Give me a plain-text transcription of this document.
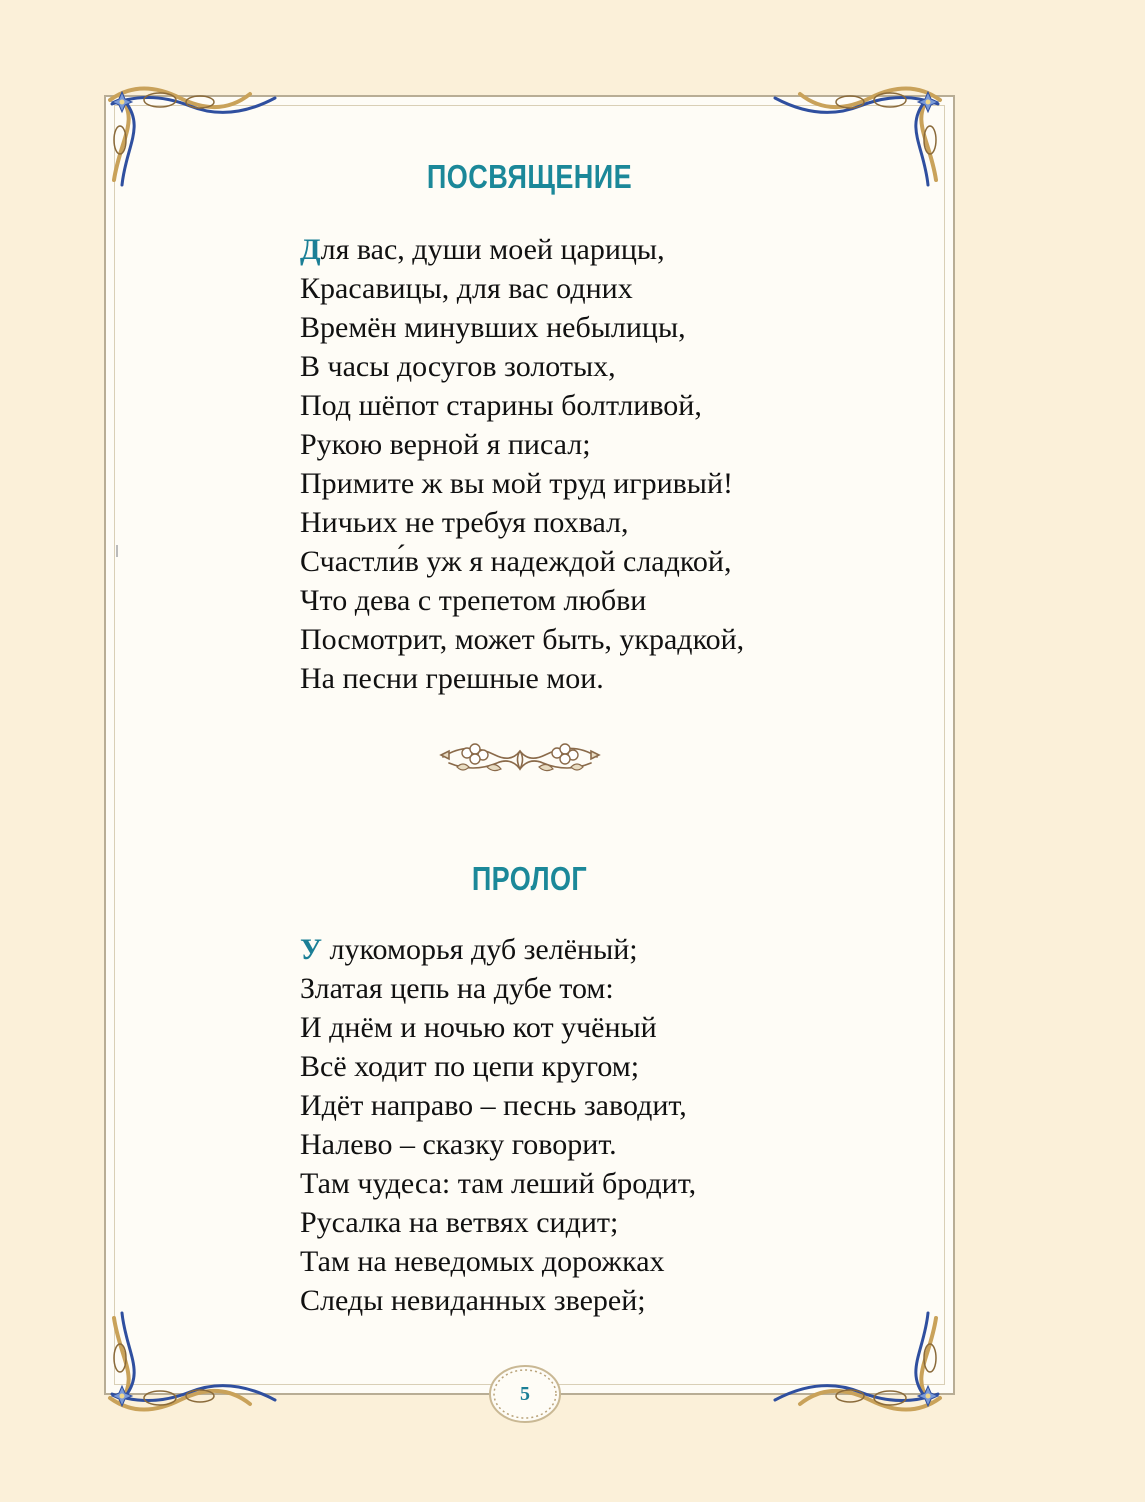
ПОСВЯЩЕНИЕ
Для вас, души моей царицы,
Красавицы, для вас одних
Времён минувших небылицы,
В часы досугов золотых,
Под шёпот старины болтливой,
Рукою верной я писал;
Примите ж вы мой труд игривый!
Ничьих не требуя похвал,
Счастли́в уж я надеждой сладкой,
Что дева с трепетом любви
Посмотрит, может быть, украдкой,
На песни грешные мои.
ПРОЛОГ
У лукоморья дуб зелёный;
Златая цепь на дубе том:
И днём и ночью кот учёный
Всё ходит по цепи кругом;
Идёт направо – песнь заводит,
Налево – сказку говорит.
Там чудеса: там леший бродит,
Русалка на ветвях сидит;
Там на неведомых дорожках
Следы невиданных зверей;
5
